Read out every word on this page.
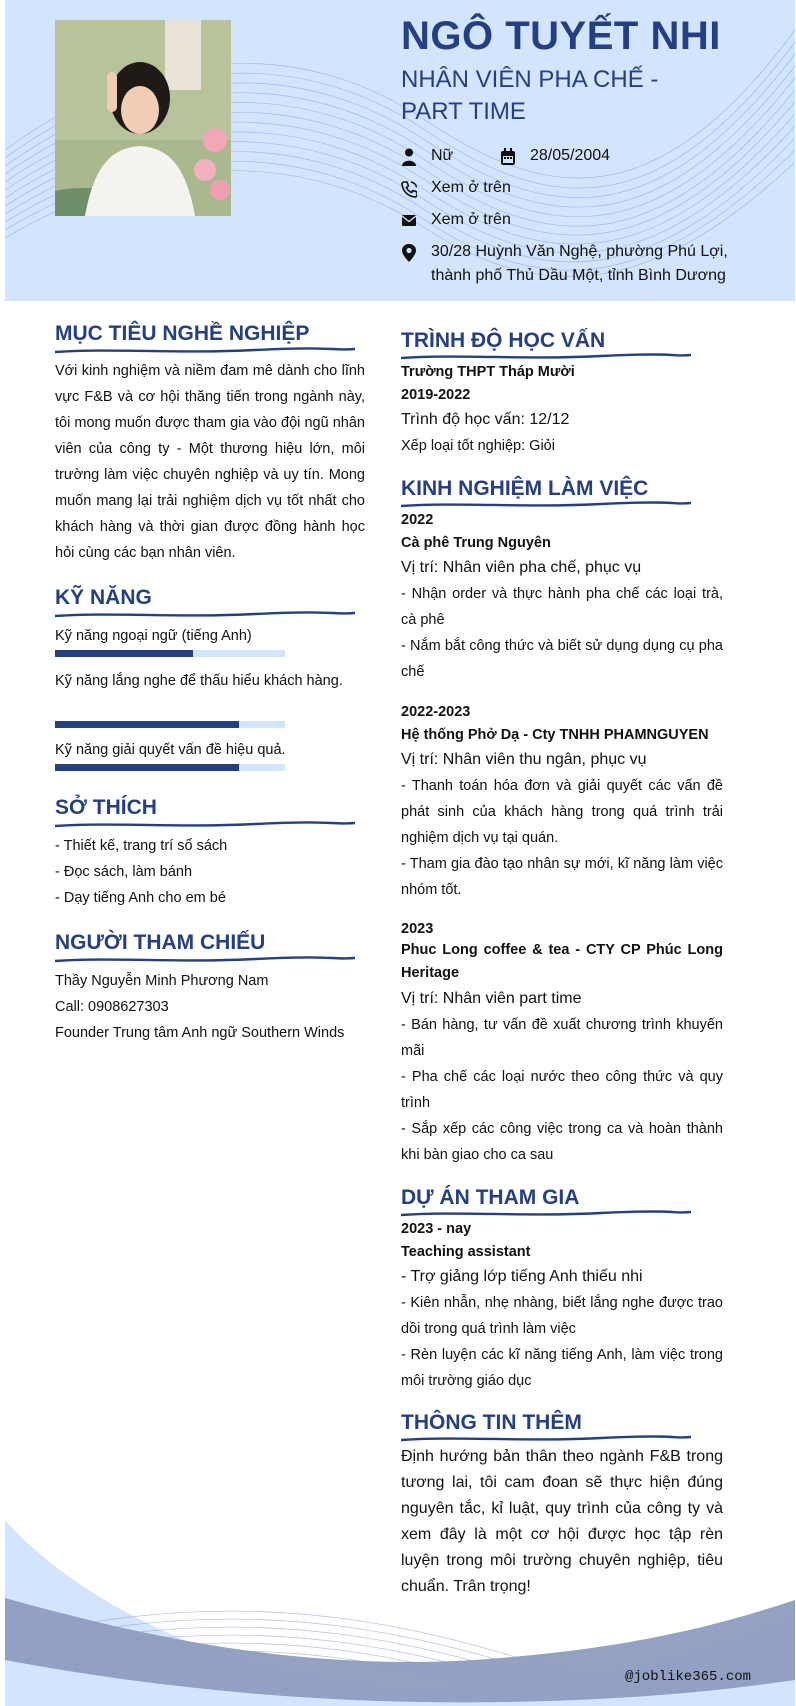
NGÔ TUYẾT NHI
NHÂN VIÊN PHA CHẾ - PART TIME
Nữ	28/05/2004
Xem ở trên
Xem ở trên
30/28 Huỳnh Văn Nghệ, phường Phú Lợi, thành phố Thủ Dầu Một, tỉnh Bình Dương
MỤC TIÊU NGHỀ NGHIỆP
Với kinh nghiệm và niềm đam mê dành cho lĩnh vực F&B và cơ hội thăng tiến trong ngành này, tôi mong muốn được tham gia vào đội ngũ nhân viên của công ty - Một thương hiệu lớn, môi trường làm việc chuyên nghiệp và uy tín. Mong muốn mang lại trải nghiệm dịch vụ tốt nhất cho khách hàng và thời gian được đồng hành học hỏi cùng các bạn nhân viên.
KỸ NĂNG
Kỹ năng ngoại ngữ (tiếng Anh)
Kỹ năng lắng nghe để thấu hiểu khách hàng.
Kỹ năng giải quyết vấn đề hiệu quả.
SỞ THÍCH
- Thiết kế, trang trí sổ sách
- Đọc sách, làm bánh
- Dạy tiếng Anh cho em bé
NGƯỜI THAM CHIẾU
Thầy Nguyễn Minh Phương Nam
Call: 0908627303
Founder Trung tâm Anh ngữ Southern Winds
TRÌNH ĐỘ HỌC VẤN
Trường THPT Tháp Mười
2019-2022
Trình độ học vấn: 12/12
Xếp loại tốt nghiệp: Giỏi
KINH NGHIỆM LÀM VIỆC
2022
Cà phê Trung Nguyên
Vị trí: Nhân viên pha chế, phục vụ
- Nhận order và thực hành pha chế các loại trà, cà phê
- Nắm bắt công thức và biết sử dụng dụng cụ pha chế
2022-2023
Hệ thống Phở Dạ - Cty TNHH PHAMNGUYEN
Vị trí: Nhân viên thu ngân, phục vụ
- Thanh toán hóa đơn và giải quyết các vấn đề phát sinh của khách hàng trong quá trình trải nghiệm dịch vụ tại quán.
- Tham gia đào tạo nhân sự mới, kĩ năng làm việc nhóm tốt.
2023
Phuc Long coffee & tea - CTY CP Phúc Long Heritage
Vị trí: Nhân viên part time
- Bán hàng, tư vấn đề xuất chương trình khuyến mãi
- Pha chế các loại nước theo công thức và quy trình
- Sắp xếp các công việc trong ca và hoàn thành khi bàn giao cho ca sau
DỰ ÁN THAM GIA
2023 - nay
Teaching assistant
- Trợ giảng lớp tiếng Anh thiếu nhi
- Kiên nhẫn, nhẹ nhàng, biết lắng nghe được trao dồi trong quá trình làm việc
- Rèn luyện các kĩ năng tiếng Anh, làm việc trong môi trường giáo dục
THÔNG TIN THÊM
Định hướng bản thân theo ngành F&B trong tương lai, tôi cam đoan sẽ thực hiện đúng nguyên tắc, kỉ luật, quy trình của công ty và xem đây là một cơ hội được học tập rèn luyện trong môi trường chuyên nghiệp, tiêu chuẩn. Trân trọng!
@joblike365.com
